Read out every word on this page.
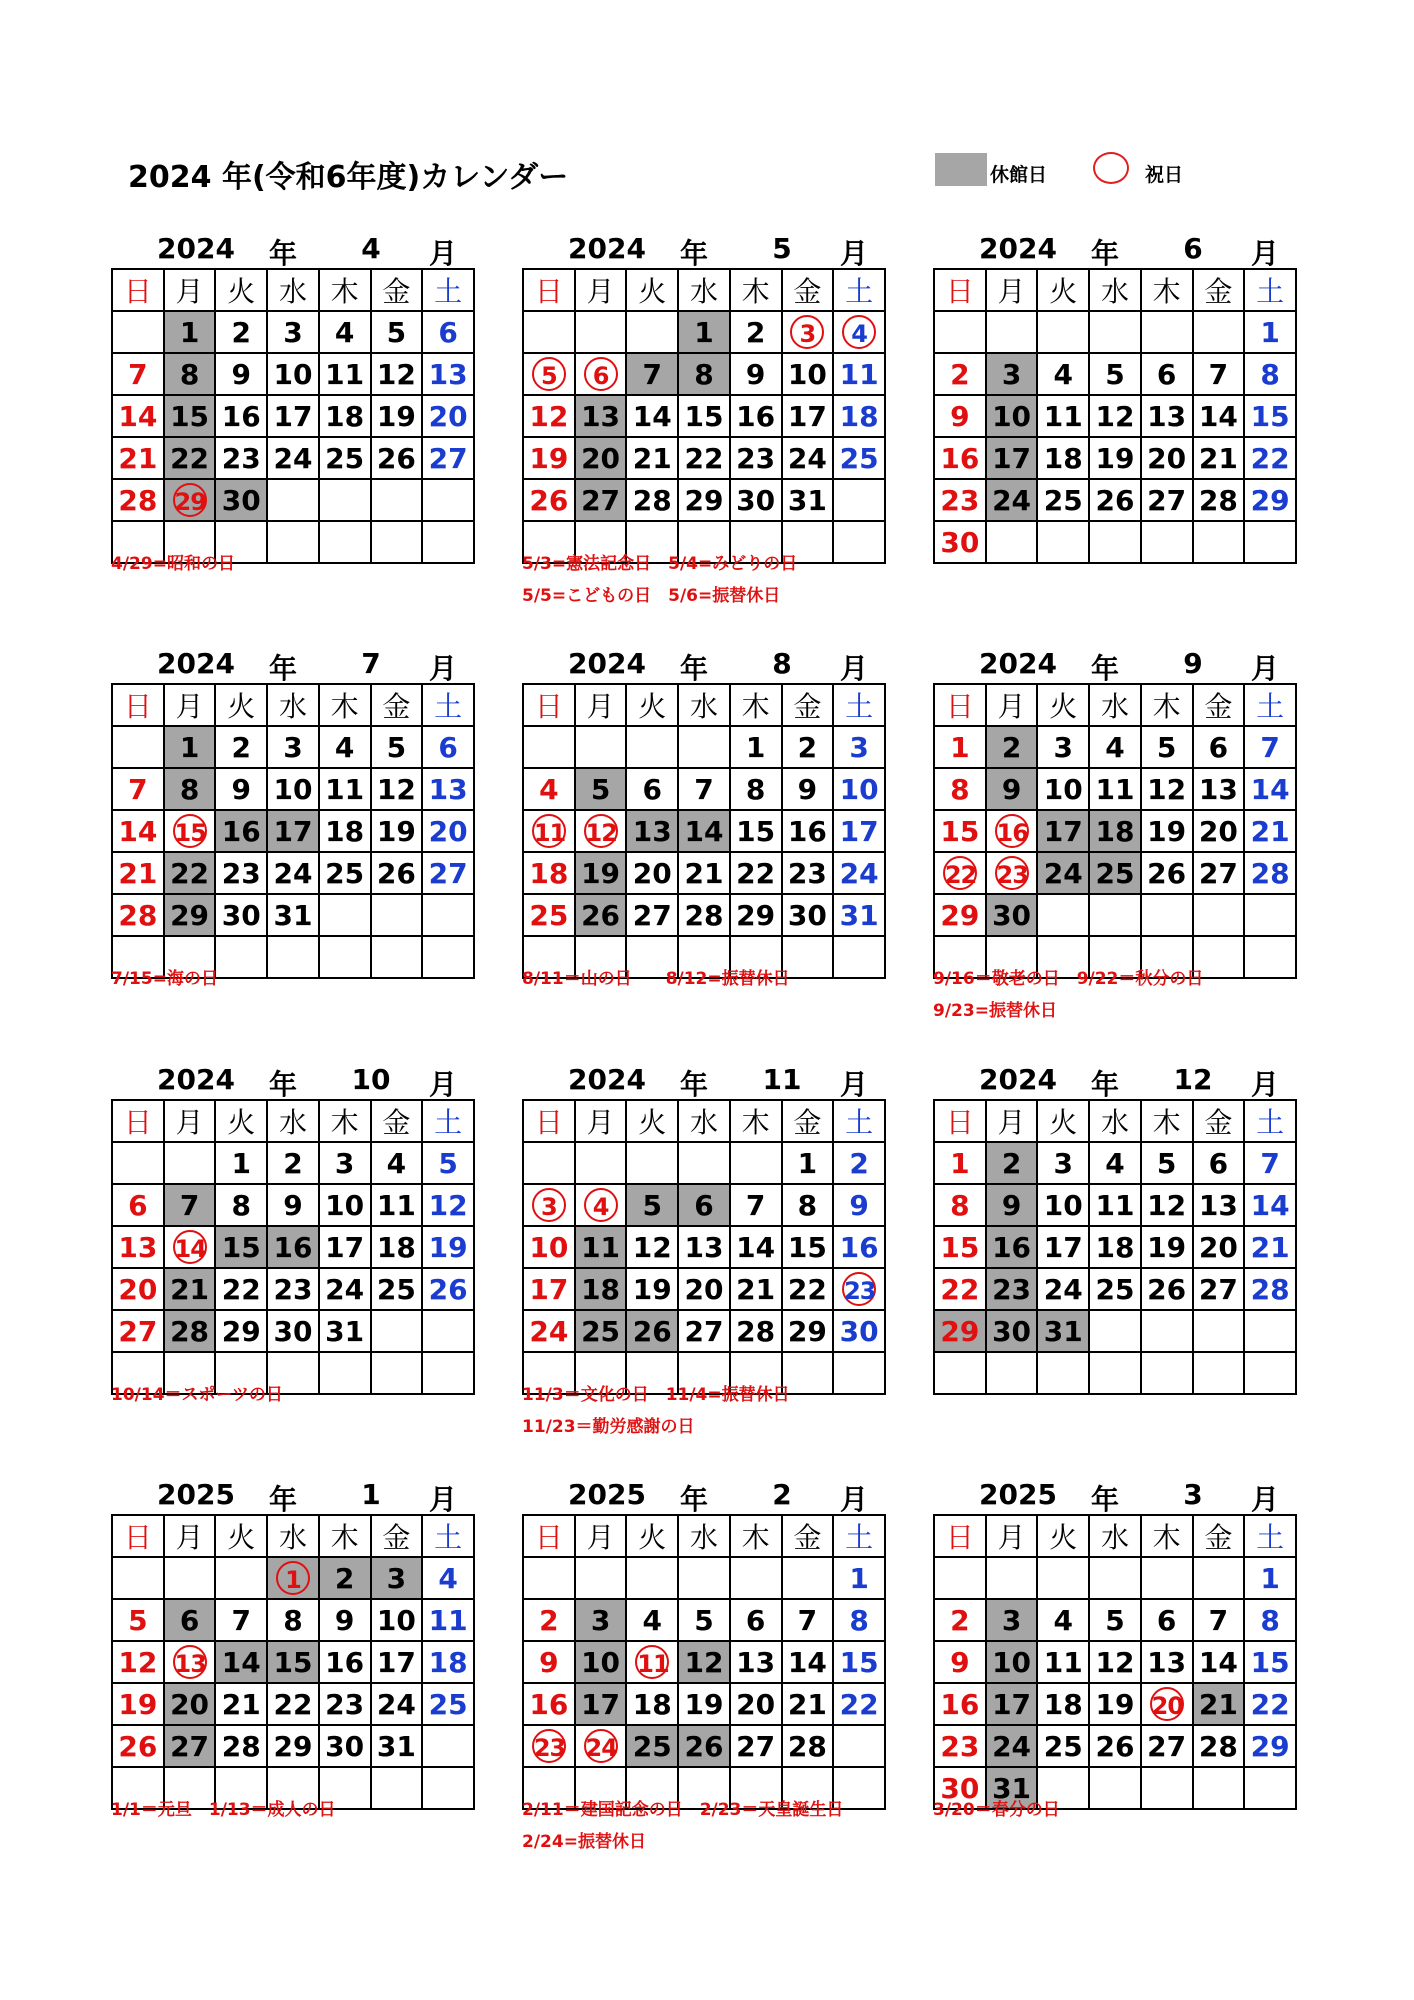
2024 年(令和6年度)カレンダー	休館日	祝日
2024 年	4	月
日	月	火	水	木	金	土
	1	2	3	4	5	6
7	8	9	10	11	12	13
14	15	16	17	18	19	20
21	22	23	24	25	26	27
28	29	30				

4/29=昭和の日
2024 年	5	月
日	月	火	水	木	金	土
			1	2	3	4
5	6	7	8	9	10	11
12	13	14	15	16	17	18
19	20	21	22	23	24	25
26	27	28	29	30	31	

5/3=憲法記念日　5/4=みどりの日
5/5=こどもの日　5/6=振替休日
2024 年	6	月
日	月	火	水	木	金	土
						1
2	3	4	5	6	7	8
9	10	11	12	13	14	15
16	17	18	19	20	21	22
23	24	25	26	27	28	29
30						
2024 年	7	月
日	月	火	水	木	金	土
	1	2	3	4	5	6
7	8	9	10	11	12	13
14	15	16	17	18	19	20
21	22	23	24	25	26	27
28	29	30	31			

7/15=海の日
2024 年	8	月
日	月	火	水	木	金	土
				1	2	3
4	5	6	7	8	9	10
11	12	13	14	15	16	17
18	19	20	21	22	23	24
25	26	27	28	29	30	31

8/11＝山の日　　8/12=振替休日
2024 年	9	月
日	月	火	水	木	金	土
1	2	3	4	5	6	7
8	9	10	11	12	13	14
15	16	17	18	19	20	21
22	23	24	25	26	27	28
29	30					

9/16＝敬老の日　9/22＝秋分の日
9/23=振替休日
2024 年 10 月
日	月	火	水	木	金	土
		1	2	3	4	5
6	7	8	9	10	11	12
13	14	15	16	17	18	19
20	21	22	23	24	25	26
27	28	29	30	31		

10/14＝スポーツの日
2024 年 11 月
日	月	火	水	木	金	土
					1	2
3	4	5	6	7	8	9
10	11	12	13	14	15	16
17	18	19	20	21	22	23
24	25	26	27	28	29	30

11/3＝文化の日　11/4=振替休日
11/23＝勤労感謝の日
2024 年 12 月
日	月	火	水	木	金	土
1	2	3	4	5	6	7
8	9	10	11	12	13	14
15	16	17	18	19	20	21
22	23	24	25	26	27	28
29	30	31				

2025 年	1	月
日	月	火	水	木	金	土
			1	2	3	4
5	6	7	8	9	10	11
12	13	14	15	16	17	18
19	20	21	22	23	24	25
26	27	28	29	30	31	

1/1＝元旦　1/13＝成人の日
2025 年	2	月
日	月	火	水	木	金	土
						1
2	3	4	5	6	7	8
9	10	11	12	13	14	15
16	17	18	19	20	21	22
23	24	25	26	27	28	

2/11＝建国記念の日　2/23＝天皇誕生日
2/24=振替休日
2025 年	3	月
日	月	火	水	木	金	土
						1
2	3	4	5	6	7	8
9	10	11	12	13	14	15
16	17	18	19	20	21	22
23	24	25	26	27	28	29
30	31					
3/20＝春分の日
